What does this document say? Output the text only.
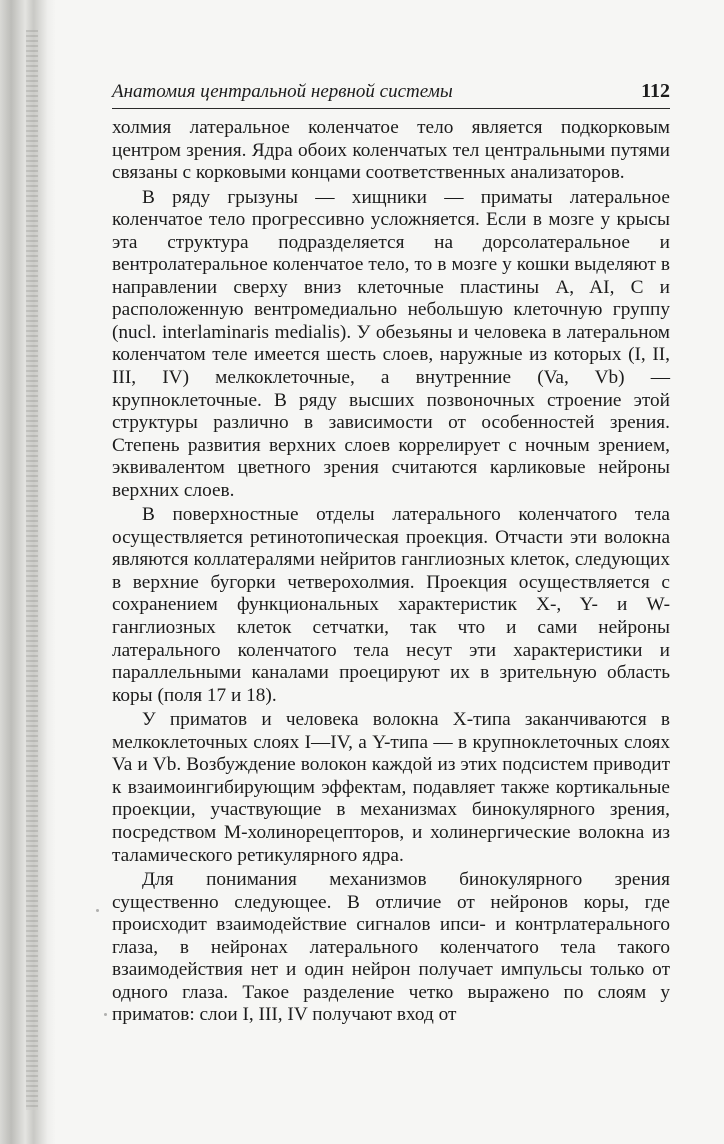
Анатомия центральной нервной системы	112

холмия латеральное коленчатое тело является подкорковым центром зрения. Ядра обоих коленчатых тел центральными путями связаны с корковыми концами соответственных анализаторов.

В ряду грызуны — хищники — приматы латеральное коленчатое тело прогрессивно усложняется. Если в мозге у крысы эта структура подразделяется на дорсолатеральное и вентролатеральное коленчатое тело, то в мозге у кошки выделяют в направлении сверху вниз клеточные пластины A, AI, C и расположенную вентромедиально небольшую клеточную группу (nucl. interlaminaris medialis). У обезьяны и человека в латеральном коленчатом теле имеется шесть слоев, наружные из которых (I, II, III, IV) мелкоклеточные, а внутренние (Va, Vb) — крупноклеточные. В ряду высших позвоночных строение этой структуры различно в зависимости от особенностей зрения. Степень развития верхних слоев коррелирует с ночным зрением, эквивалентом цветного зрения считаются карликовые нейроны верхних слоев.

В поверхностные отделы латерального коленчатого тела осуществляется ретинотопическая проекция. Отчасти эти волокна являются коллатералями нейритов ганглиозных клеток, следующих в верхние бугорки четверохолмия. Проекция осуществляется с сохранением функциональных характеристик X-, Y- и W-ганглиозных клеток сетчатки, так что и сами нейроны латерального коленчатого тела несут эти характеристики и параллельными каналами проецируют их в зрительную область коры (поля 17 и 18).

У приматов и человека волокна X-типа заканчиваются в мелкоклеточных слоях I—IV, а Y-типа — в крупноклеточных слоях Va и Vb. Возбуждение волокон каждой из этих подсистем приводит к взаимоингибирующим эффектам, подавляет также кортикальные проекции, участвующие в механизмах бинокулярного зрения, посредством М-холинорецепторов, и холинергические волокна из таламического ретикулярного ядра.

Для понимания механизмов бинокулярного зрения существенно следующее. В отличие от нейронов коры, где происходит взаимодействие сигналов ипси- и контрлатерального глаза, в нейронах латерального коленчатого тела такого взаимодействия нет и один нейрон получает импульсы только от одного глаза. Такое разделение четко выражено по слоям у приматов: слои I, III, IV получают вход от
